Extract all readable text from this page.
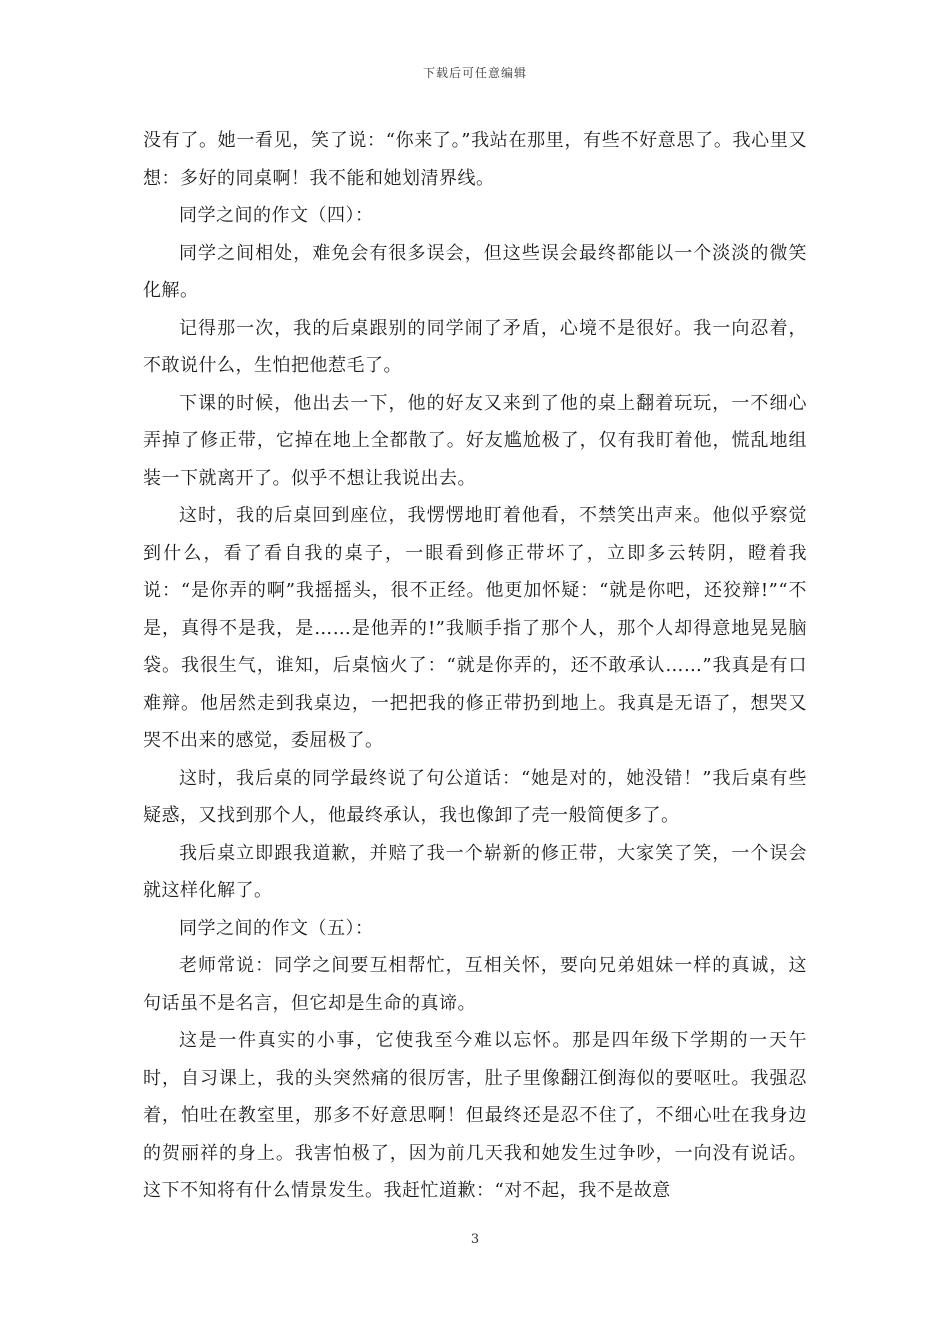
下载后可任意编辑

没有了。她一看见，笑了说：“你来了。”我站在那里，有些不好意思了。我心里又想：多好的同桌啊！我不能和她划清界线。

同学之间的作文（四）：

同学之间相处，难免会有很多误会，但这些误会最终都能以一个淡淡的微笑化解。

记得那一次，我的后桌跟别的同学闹了矛盾，心境不是很好。我一向忍着，不敢说什么，生怕把他惹毛了。

下课的时候，他出去一下，他的好友又来到了他的桌上翻着玩玩，一不细心弄掉了修正带，它掉在地上全都散了。好友尴尬极了，仅有我盯着他，慌乱地组装一下就离开了。似乎不想让我说出去。

这时，我的后桌回到座位，我愣愣地盯着他看，不禁笑出声来。他似乎察觉到什么，看了看自我的桌子，一眼看到修正带坏了，立即多云转阴，瞪着我说：“是你弄的啊”我摇摇头，很不正经。他更加怀疑：“就是你吧，还狡辩!”“不是，真得不是我，是……是他弄的!”我顺手指了那个人，那个人却得意地晃晃脑袋。我很生气，谁知，后桌恼火了：“就是你弄的，还不敢承认……”我真是有口难辩。他居然走到我桌边，一把把我的修正带扔到地上。我真是无语了，想哭又哭不出来的感觉，委屈极了。

这时，我后桌的同学最终说了句公道话：“她是对的，她没错！”我后桌有些疑惑，又找到那个人，他最终承认，我也像卸了壳一般简便多了。

我后桌立即跟我道歉，并赔了我一个崭新的修正带，大家笑了笑，一个误会就这样化解了。

同学之间的作文（五）：

老师常说：同学之间要互相帮忙，互相关怀，要向兄弟姐妹一样的真诚，这句话虽不是名言，但它却是生命的真谛。

这是一件真实的小事，它使我至今难以忘怀。那是四年级下学期的一天午时，自习课上，我的头突然痛的很厉害，肚子里像翻江倒海似的要呕吐。我强忍着，怕吐在教室里，那多不好意思啊！但最终还是忍不住了，不细心吐在我身边的贺丽祥的身上。我害怕极了，因为前几天我和她发生过争吵，一向没有说话。这下不知将有什么情景发生。我赶忙道歉：“对不起，我不是故意

3
